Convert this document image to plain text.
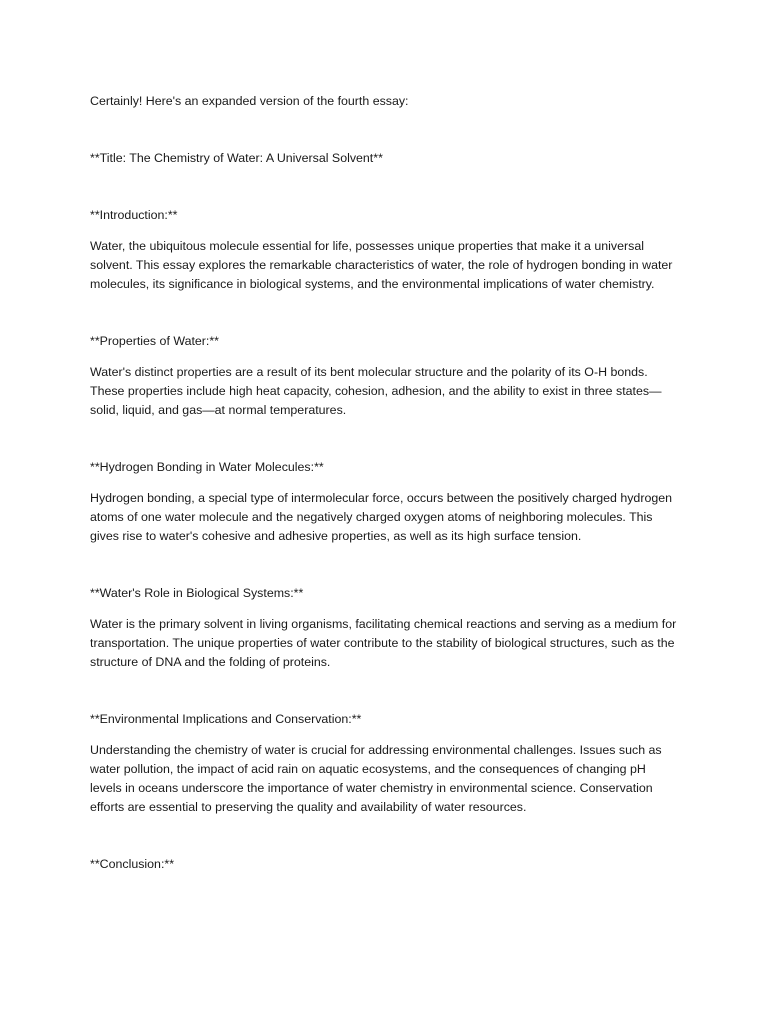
Certainly! Here's an expanded version of the fourth essay:

**Title: The Chemistry of Water: A Universal Solvent**

**Introduction:**

Water, the ubiquitous molecule essential for life, possesses unique properties that make it a universal solvent. This essay explores the remarkable characteristics of water, the role of hydrogen bonding in water molecules, its significance in biological systems, and the environmental implications of water chemistry.

**Properties of Water:**

Water's distinct properties are a result of its bent molecular structure and the polarity of its O-H bonds. These properties include high heat capacity, cohesion, adhesion, and the ability to exist in three states—solid, liquid, and gas—at normal temperatures.

**Hydrogen Bonding in Water Molecules:**

Hydrogen bonding, a special type of intermolecular force, occurs between the positively charged hydrogen atoms of one water molecule and the negatively charged oxygen atoms of neighboring molecules. This gives rise to water's cohesive and adhesive properties, as well as its high surface tension.

**Water's Role in Biological Systems:**

Water is the primary solvent in living organisms, facilitating chemical reactions and serving as a medium for transportation. The unique properties of water contribute to the stability of biological structures, such as the structure of DNA and the folding of proteins.

**Environmental Implications and Conservation:**

Understanding the chemistry of water is crucial for addressing environmental challenges. Issues such as water pollution, the impact of acid rain on aquatic ecosystems, and the consequences of changing pH levels in oceans underscore the importance of water chemistry in environmental science. Conservation efforts are essential to preserving the quality and availability of water resources.

**Conclusion:**
